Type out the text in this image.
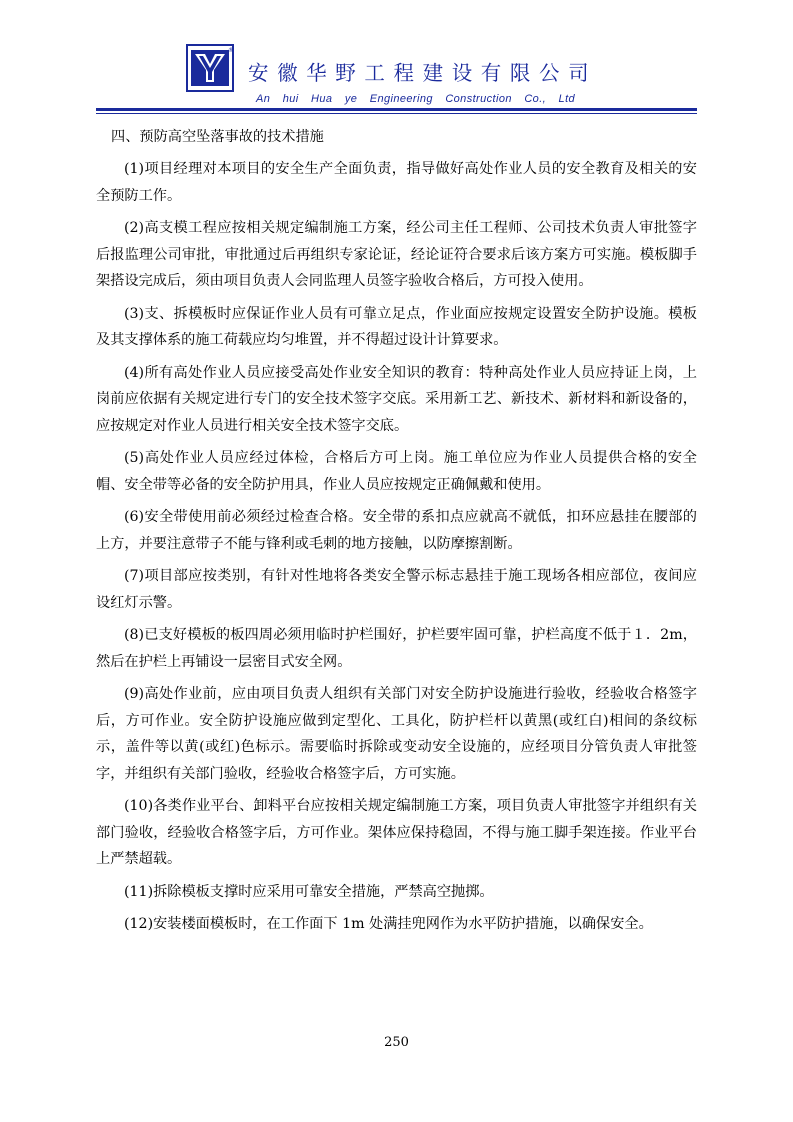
®
安徽华野工程建设有限公司
An hui Hua ye Engineering Construction Co., Ltd

四、预防高空坠落事故的技术措施

(1)项目经理对本项目的安全生产全面负责，指导做好高处作业人员的安全教育及相关的安全预防工作。

(2)高支模工程应按相关规定编制施工方案，经公司主任工程师、公司技术负责人审批签字后报监理公司审批，审批通过后再组织专家论证，经论证符合要求后该方案方可实施。模板脚手架搭设完成后，须由项目负责人会同监理人员签字验收合格后，方可投入使用。

(3)支、拆模板时应保证作业人员有可靠立足点，作业面应按规定设置安全防护设施。模板及其支撑体系的施工荷载应均匀堆置，并不得超过设计计算要求。

(4)所有高处作业人员应接受高处作业安全知识的教育：特种高处作业人员应持证上岗，上岗前应依据有关规定进行专门的安全技术签字交底。采用新工艺、新技术、新材料和新设备的，应按规定对作业人员进行相关安全技术签字交底。

(5)高处作业人员应经过体检，合格后方可上岗。施工单位应为作业人员提供合格的安全帽、安全带等必备的安全防护用具，作业人员应按规定正确佩戴和使用。

(6)安全带使用前必须经过检查合格。安全带的系扣点应就高不就低，扣环应悬挂在腰部的上方，并要注意带子不能与锋利或毛刺的地方接触，以防摩擦割断。

(7)项目部应按类别，有针对性地将各类安全警示标志悬挂于施工现场各相应部位，夜间应设红灯示警。

(8)已支好模板的板四周必须用临时护栏围好，护栏要牢固可靠，护栏高度不低于１．2m，然后在护栏上再铺设一层密目式安全网。

(9)高处作业前，应由项目负责人组织有关部门对安全防护设施进行验收，经验收合格签字后，方可作业。安全防护设施应做到定型化、工具化，防护栏杆以黄黑(或红白)相间的条纹标示，盖件等以黄(或红)色标示。需要临时拆除或变动安全设施的，应经项目分管负责人审批签字，并组织有关部门验收，经验收合格签字后，方可实施。

(10)各类作业平台、卸料平台应按相关规定编制施工方案，项目负责人审批签字并组织有关部门验收，经验收合格签字后，方可作业。架体应保持稳固，不得与施工脚手架连接。作业平台上严禁超载。

(11)拆除模板支撑时应采用可靠安全措施，严禁高空抛掷。

(12)安装楼面模板时，在工作面下 1m 处满挂兜网作为水平防护措施，以确保安全。

250
